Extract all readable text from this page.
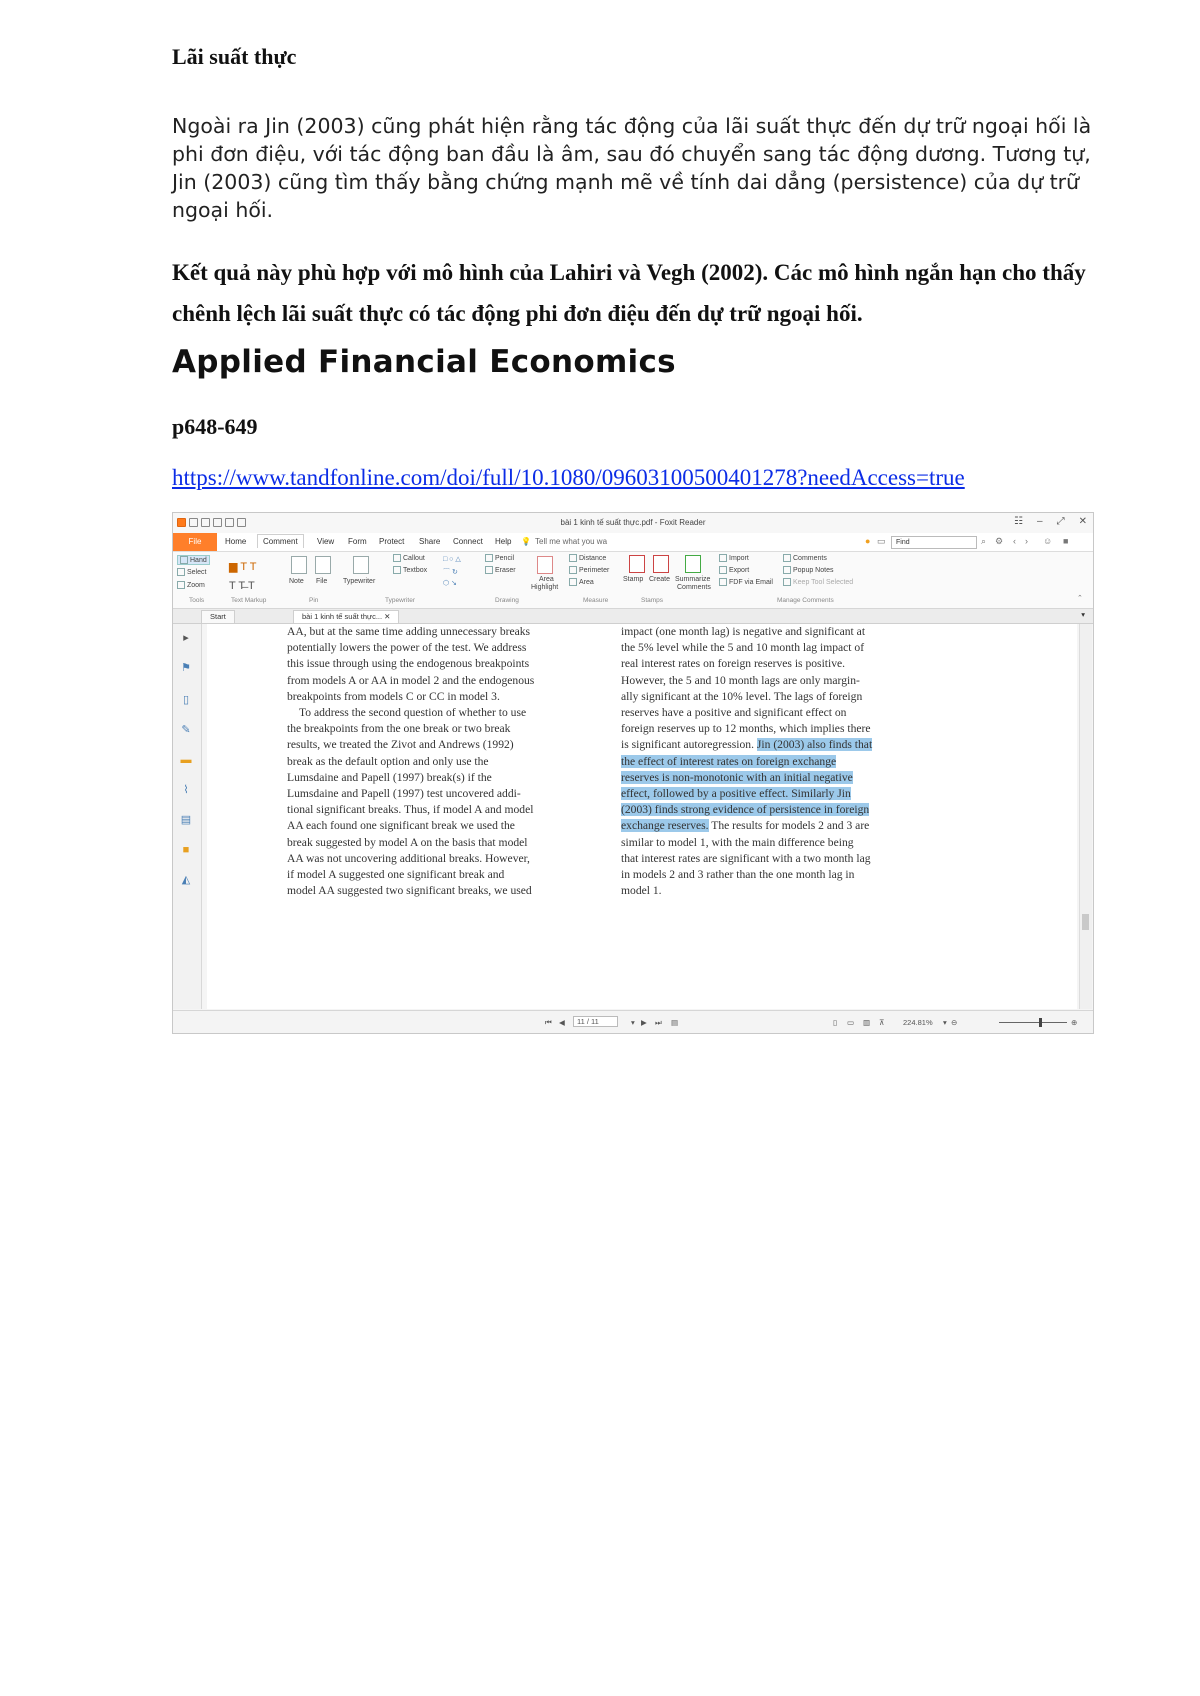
Lãi suất thực
Ngoài ra Jin (2003) cũng phát hiện rằng tác động của lãi suất thực đến dự trữ ngoại hối là phi đơn điệu, với tác động ban đầu là âm, sau đó chuyển sang tác động dương. Tương tự, Jin (2003) cũng tìm thấy bằng chứng mạnh mẽ về tính dai dẳng (persistence) của dự trữ ngoại hối.
Kết quả này phù hợp với mô hình của Lahiri và Vegh (2002). Các mô hình ngắn hạn cho thấy chênh lệch lãi suất thực có tác động phi đơn điệu đến dự trữ ngoại hối.
Applied Financial Economics
p648-649
https://www.tandfonline.com/doi/full/10.1080/09603100500401278?needAccess=true
bài 1 kinh tế suất thực.pdf - Foxit Reader	☷ – ⤢ ✕
File	Home	Comment	View Form Protect Share Connect Help 💡 Tell me what you wa	● ▭	Find	⌕ ⚙ ‹ › ☺ ■
Hand
Select
Zoom
▆ T T
T T̶ T	Note File Typewriter
Callout
Textbox
□ ○ △
⌒ ↻
⬡ ↘
Pencil
Eraser
Area
Highlight
Distance
Perimeter
Area	Stamp Create Summarize
Comments
Import
Export
FDF via Email
Comments
Popup Notes
Keep Tool Selected
Tools	Text Markup	Pin	Typewriter	Drawing	Measure	Stamps	Manage Comments	⌃
Start	bài 1 kinh tế suất thực... ✕	▾
▸
⚑
▯
✎
▬
⌇
▤
■
◭
AA, but at the same time adding unnecessary breaks
potentially lowers the power of the test. We address
this issue through using the endogenous breakpoints
from models A or AA in model 2 and the endogenous
breakpoints from models C or CC in model 3.
To address the second question of whether to use
the breakpoints from the one break or two break
results, we treated the Zivot and Andrews (1992)
break as the default option and only use the
Lumsdaine and Papell (1997) break(s) if the
Lumsdaine and Papell (1997) test uncovered addi-
tional significant breaks. Thus, if model A and model
AA each found one significant break we used the
break suggested by model A on the basis that model
AA was not uncovering additional breaks. However,
if model A suggested one significant break and
model AA suggested two significant breaks, we used
impact (one month lag) is negative and significant at
the 5% level while the 5 and 10 month lag impact of
real interest rates on foreign reserves is positive.
However, the 5 and 10 month lags are only margin-
ally significant at the 10% level. The lags of foreign
reserves have a positive and significant effect on
foreign reserves up to 12 months, which implies there
is significant autoregression. Jin (2003) also finds that
the effect of interest rates on foreign exchange
reserves is non-monotonic with an initial negative
effect, followed by a positive effect. Similarly Jin
(2003) finds strong evidence of persistence in foreign
exchange reserves. The results for models 2 and 3 are
similar to model 1, with the main difference being
that interest rates are significant with a two month lag
in models 2 and 3 rather than the one month lag in
model 1.
⏮ ◀	11 / 11	▾ ▶ ⏭ ▤	▯ ▭ ▥ ⊼ 224.81% ▾ ⊖	⊕
